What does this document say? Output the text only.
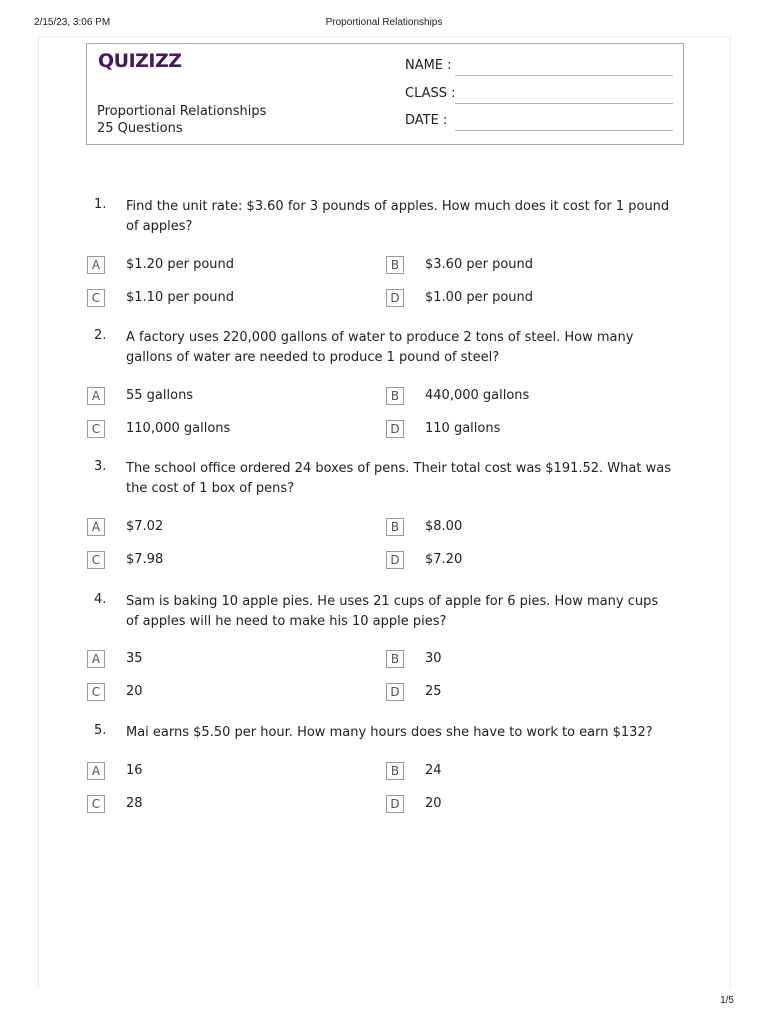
2/15/23, 3:06 PM	Proportional Relationships
QUIZIZZ
Proportional Relationships
25 Questions
NAME :
CLASS :
DATE :
1. Find the unit rate: $3.60 for 3 pounds of apples. How much does it cost for 1 pound of apples?
A	$1.20 per pound	B	$3.60 per pound
C	$1.10 per pound	D	$1.00 per pound
2. A factory uses 220,000 gallons of water to produce 2 tons of steel. How many gallons of water are needed to produce 1 pound of steel?
A	55 gallons	B	440,000 gallons
C	110,000 gallons	D	110 gallons
3. The school office ordered 24 boxes of pens. Their total cost was $191.52. What was the cost of 1 box of pens?
A	$7.02	B	$8.00
C	$7.98	D	$7.20
4. Sam is baking 10 apple pies. He uses 21 cups of apple for 6 pies. How many cups of apples will he need to make his 10 apple pies?
A	35	B	30
C	20	D	25
5. Mai earns $5.50 per hour. How many hours does she have to work to earn $132?
A	16	B	24
C	28	D	20
1/5
